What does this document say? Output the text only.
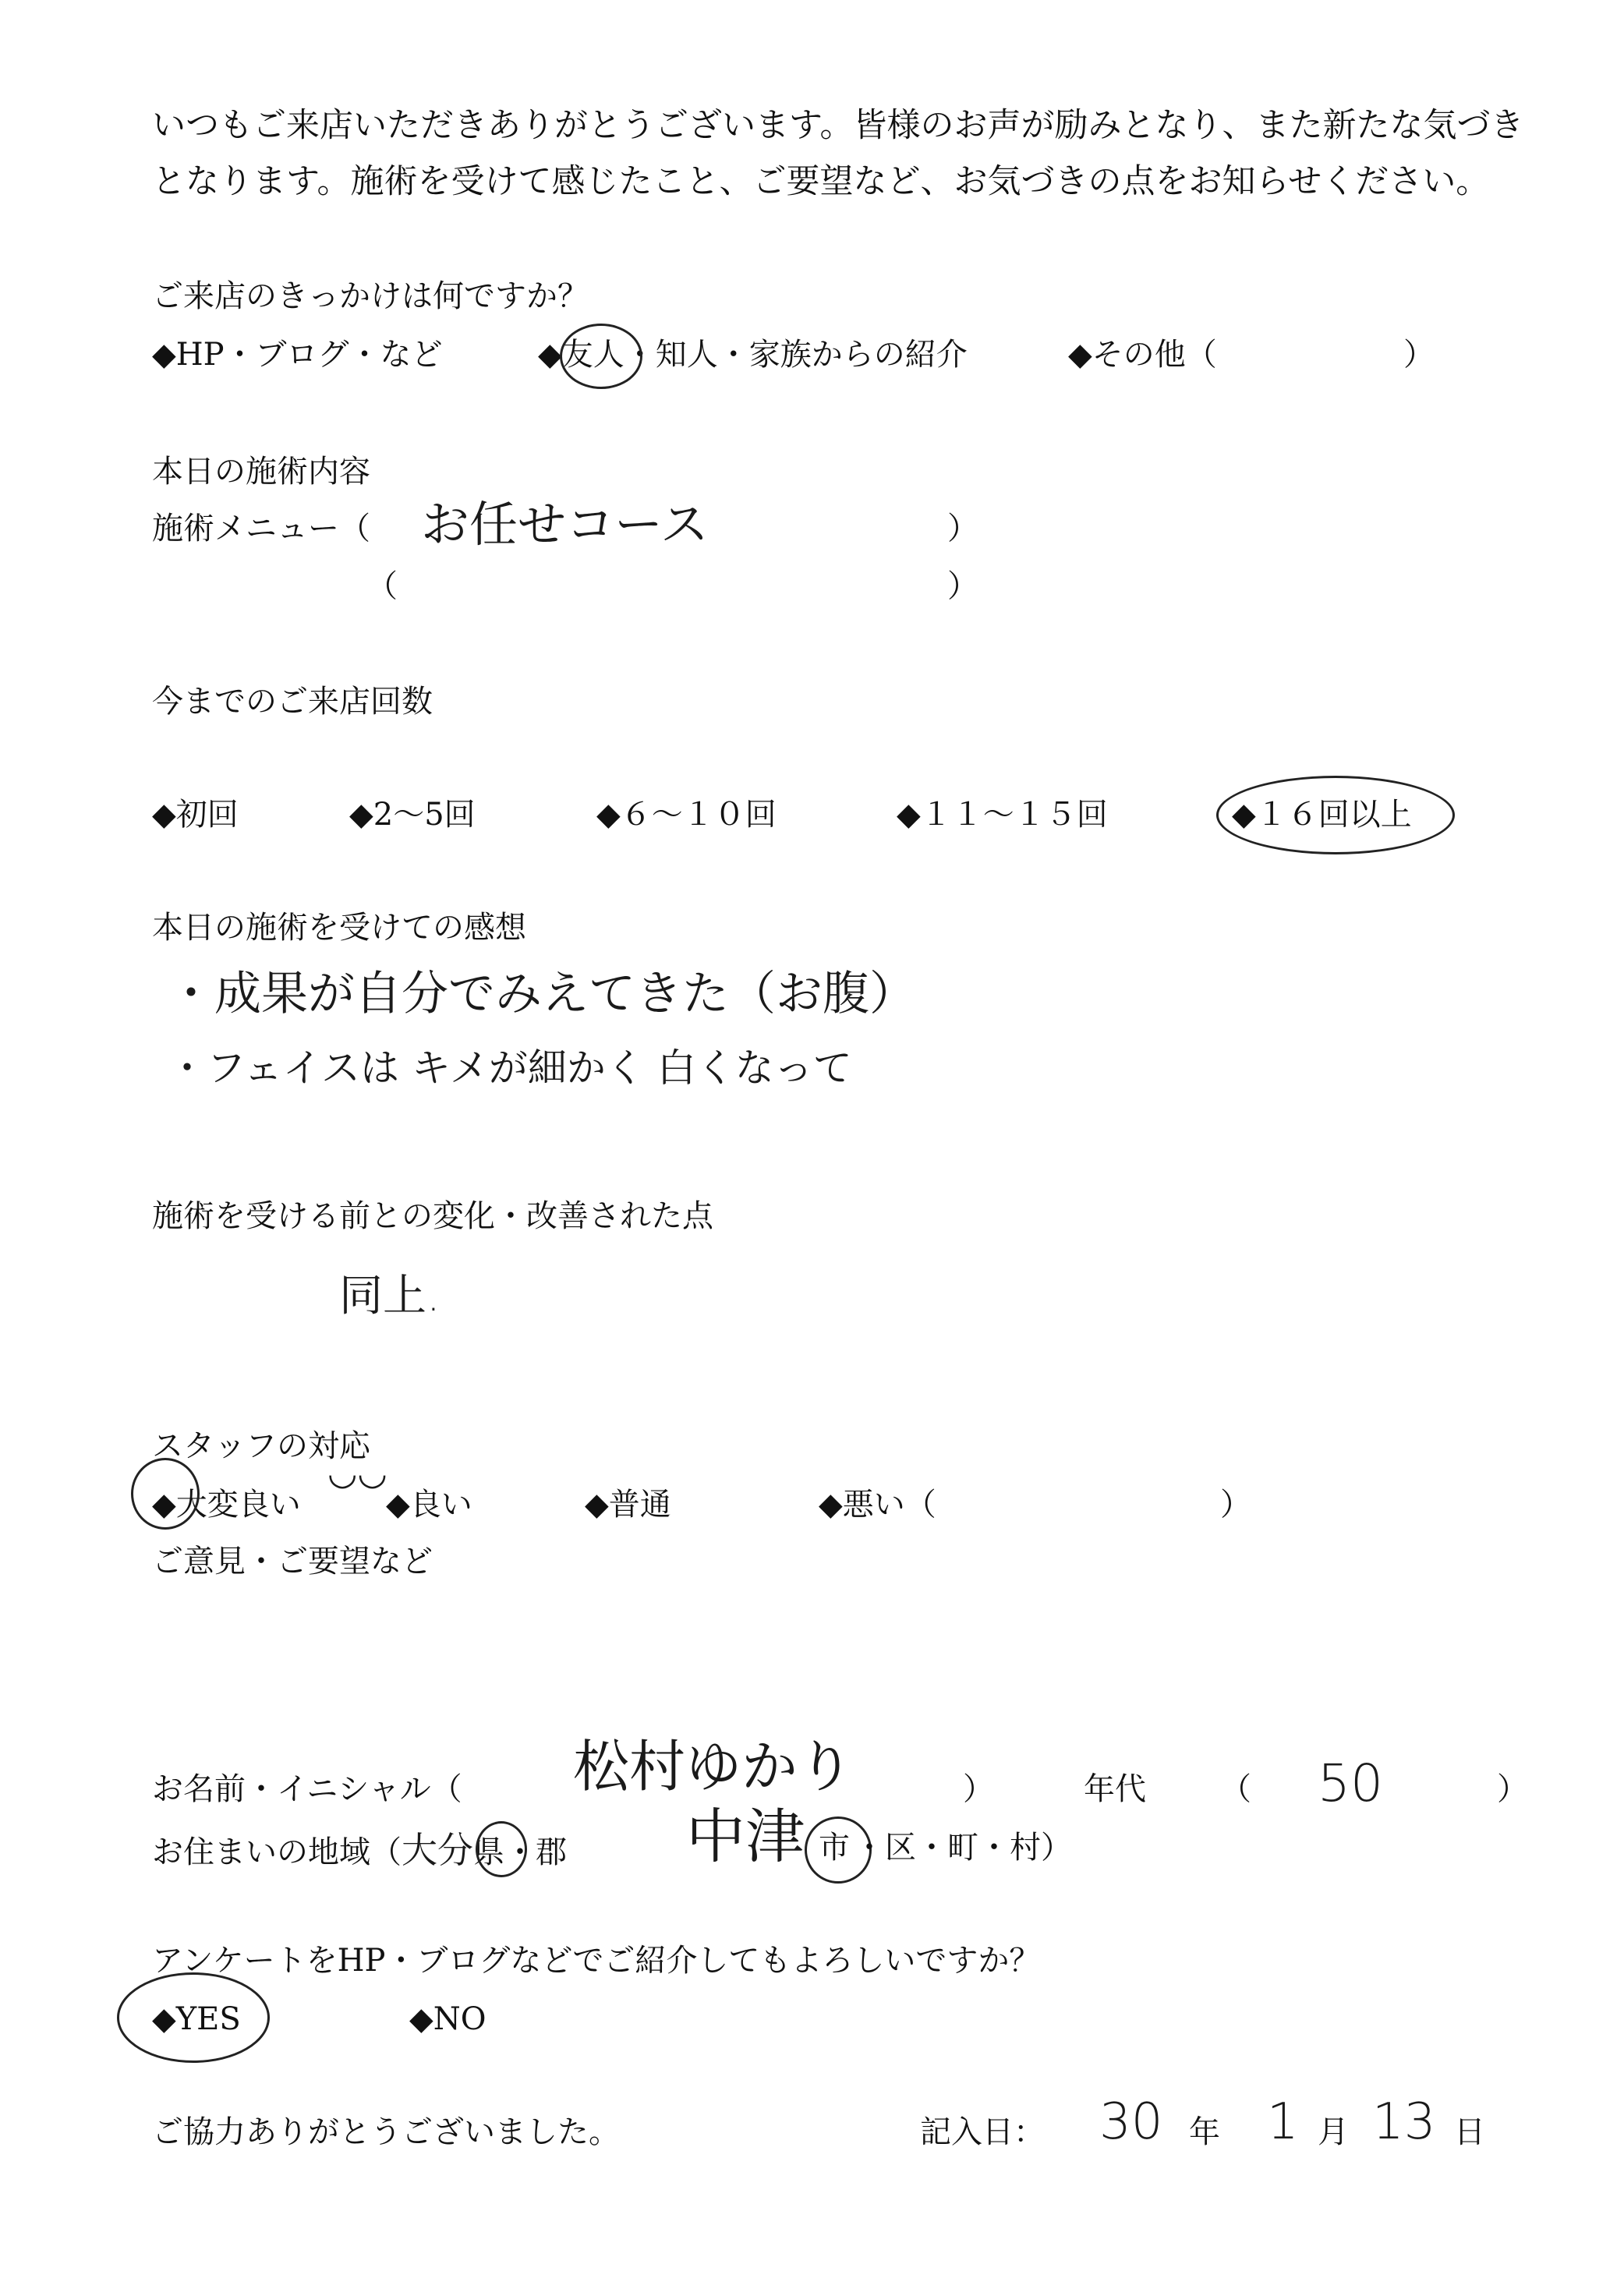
いつもご来店いただきありがとうございます。皆様のお声が励みとなり、また新たな気づき
となります。施術を受けて感じたこと、ご要望など、お気づきの点をお知らせください。
ご来店のきっかけは何ですか？
◆HP・ブログ・など	◆友人・知人・家族からの紹介	◆その他（	）
本日の施術内容
施術メニュー（ お任せコース	）
（	）
今までのご来店回数
◆初回	◆2～5回	◆６～１０回	◆１１～１５回	◆１６回以上
本日の施術を受けての感想
・成果が自分でみえてきた（お腹）
・フェイスは キメが細かく 白くなって
施術を受ける前との変化・改善された点
同上.
スタッフの対応
◆大変良い
◡◡
◆良い	◆普通	◆悪い（	）
ご意見・ご要望など
お名前・イニシャル（ 松村ゆかり	）	年代 （ 50	）
お住まいの地域（大分県・郡 中津 市 ・区・町・村）
アンケートをHP・ブログなどでご紹介してもよろしいですか？
◆YES	◆NO
ご協力ありがとうございました。	記入日： 30 年 1 月 13 日
